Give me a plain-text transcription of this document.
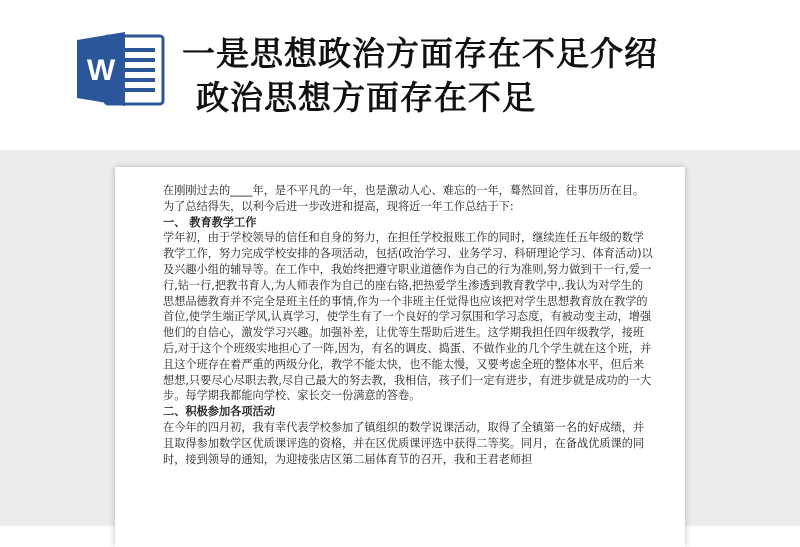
W 一是思想政治方面存在不足介绍
政治思想方面存在不足

在刚刚过去的____年，是不平凡的一年，也是激动人心、难忘的一年，蓦然回首，往事历历在目。为了总结得失，以利今后进一步改进和提高，现将近一年工作总结于下:

一、 教育教学工作

学年初，由于学校领导的信任和自身的努力，在担任学校报账工作的同时，继续连任五年级的数学教学工作，努力完成学校安排的各项活动，包括(政治学习、业务学习、科研理论学习、体育活动)以及兴趣小组的辅导等。在工作中，我始终把遵守职业道德作为自己的行为准则,努力做到干一行,爱一行,钻一行,把教书育人,为人师表作为自己的座右铬,把热爱学生渗透到教育教学中,.我认为对学生的思想品德教育并不完全是班主任的事情,作为一个非班主任觉得也应该把对学生思想教育放在教学的首位,使学生端正学风,认真学习，使学生有了一个良好的学习氛围和学习态度，有被动变主动，增强他们的自信心，激发学习兴趣。加强补差，让优等生帮助后进生。这学期我担任四年级教学，接班后,对于这个个班级实地担心了一阵,因为，有名的调皮、捣蛋、不做作业的几个学生就在这个班，并且这个班存在着严重的两级分化，教学不能太快，也不能太慢，又要考虑全班的整体水平，但后来想想,只要尽心尽职去教,尽自己最大的努去教，我相信，孩子们一定有进步，有进步就是成功的一大步。每学期我都能向学校、家长交一份满意的答卷。

二、积极参加各项活动

在今年的四月初，我有幸代表学校参加了镇组织的数学说课活动，取得了全镇第一名的好成绩，并且取得参加数学区优质课评选的资格，并在区优质课评选中获得二等奖。同月，在备战优质课的同时，接到领导的通知，为迎接张店区第二届体育节的召开，我和王君老师担
